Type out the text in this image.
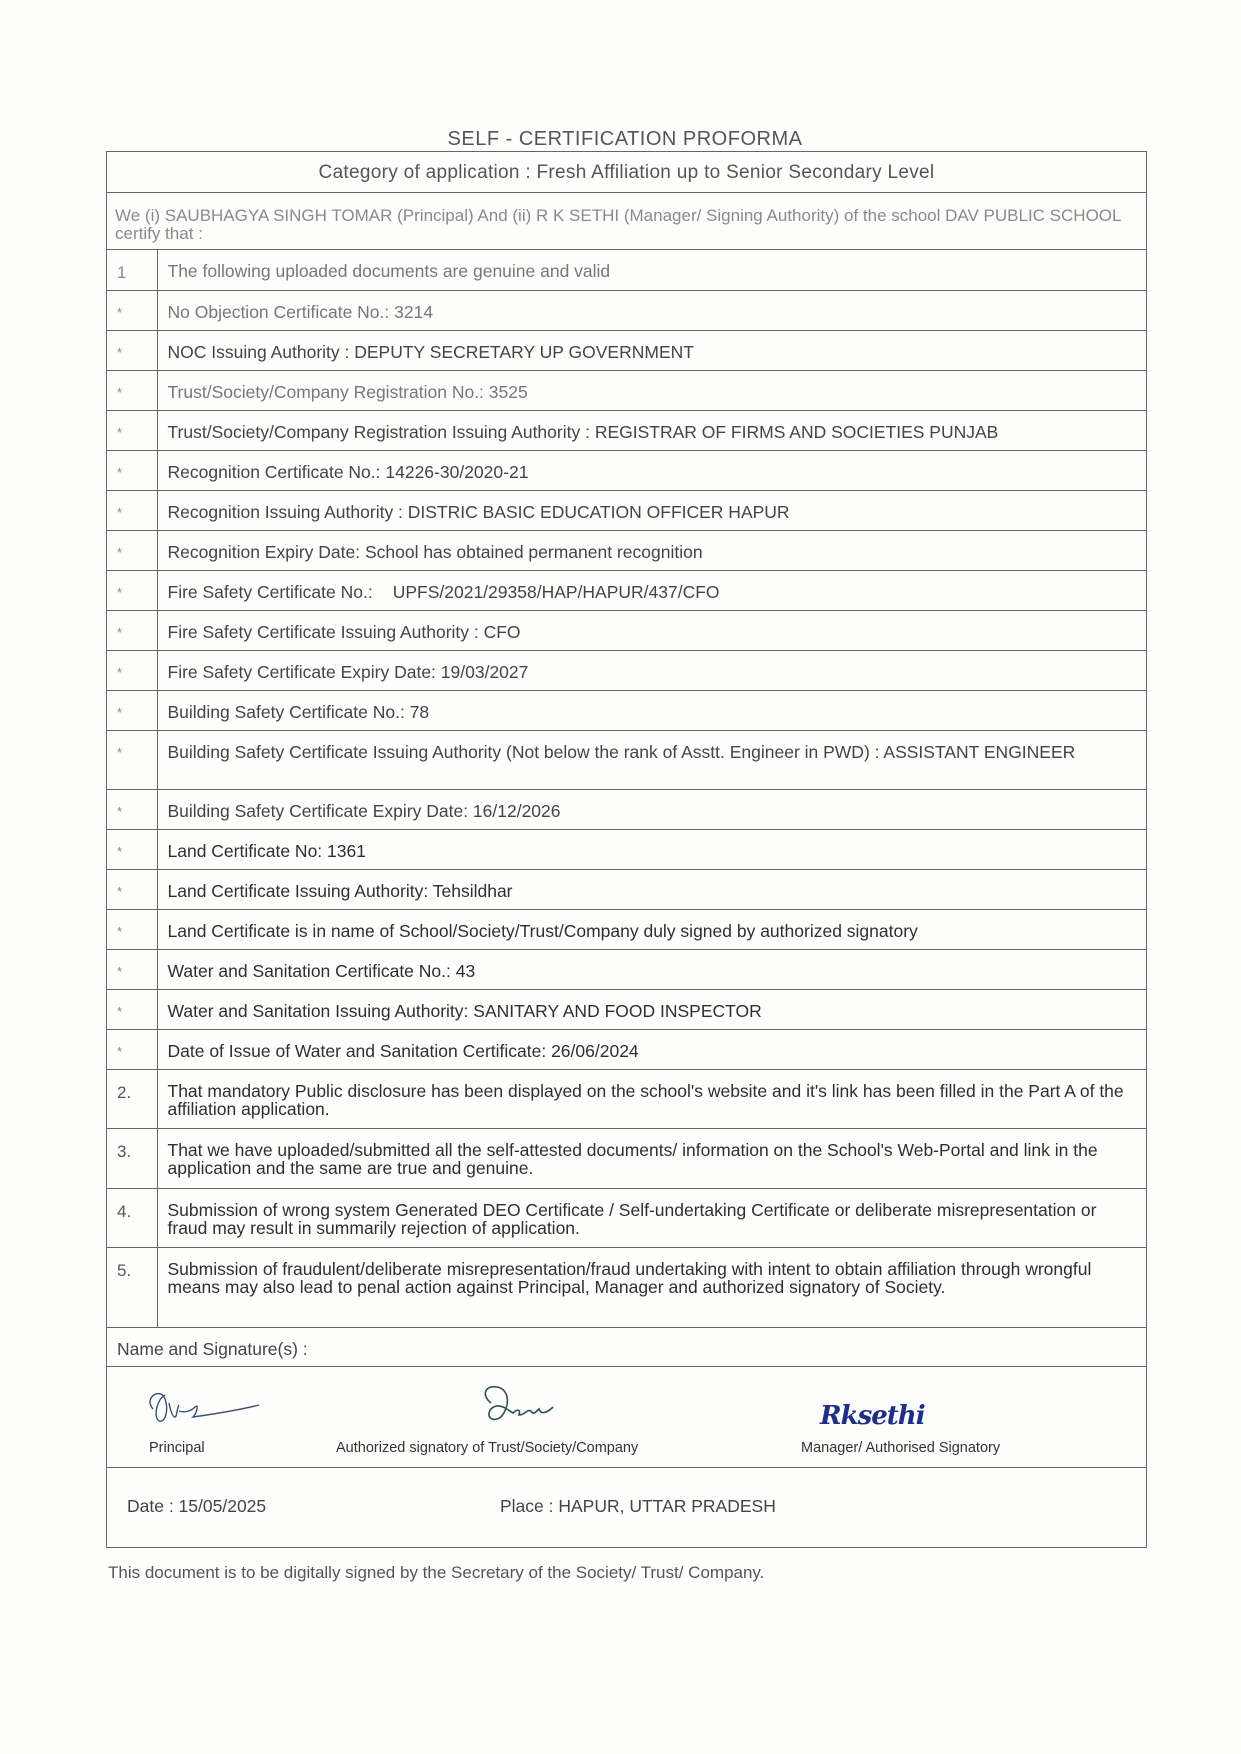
SELF - CERTIFICATION PROFORMA
Category of application : Fresh Affiliation up to Senior Secondary Level
We (i) SAUBHAGYA SINGH TOMAR (Principal) And (ii) R K SETHI (Manager/ Signing Authority) of the school DAV PUBLIC SCHOOL certify that :
1	The following uploaded documents are genuine and valid
*	No Objection Certificate No.: 3214
*	NOC Issuing Authority : DEPUTY SECRETARY UP GOVERNMENT
*	Trust/Society/Company Registration No.: 3525
*	Trust/Society/Company Registration Issuing Authority : REGISTRAR OF FIRMS AND SOCIETIES PUNJAB
*	Recognition Certificate No.: 14226-30/2020-21
*	Recognition Issuing Authority : DISTRIC BASIC EDUCATION OFFICER HAPUR
*	Recognition Expiry Date: School has obtained permanent recognition
*	Fire Safety Certificate No.: UPFS/2021/29358/HAP/HAPUR/437/CFO
*	Fire Safety Certificate Issuing Authority : CFO
*	Fire Safety Certificate Expiry Date: 19/03/2027
*	Building Safety Certificate No.: 78
*	Building Safety Certificate Issuing Authority (Not below the rank of Asstt. Engineer in PWD) : ASSISTANT ENGINEER
*	Building Safety Certificate Expiry Date: 16/12/2026
*	Land Certificate No: 1361
*	Land Certificate Issuing Authority: Tehsildhar
*	Land Certificate is in name of School/Society/Trust/Company duly signed by authorized signatory
*	Water and Sanitation Certificate No.: 43
*	Water and Sanitation Issuing Authority: SANITARY AND FOOD INSPECTOR
*	Date of Issue of Water and Sanitation Certificate: 26/06/2024
2.	That mandatory Public disclosure has been displayed on the school's website and it's link has been filled in the Part A of the affiliation application.
3.	That we have uploaded/submitted all the self-attested documents/ information on the School's Web-Portal and link in the application and the same are true and genuine.
4.	Submission of wrong system Generated DEO Certificate / Self-undertaking Certificate or deliberate misrepresentation or fraud may result in summarily rejection of application.
5.	Submission of fraudulent/deliberate misrepresentation/fraud undertaking with intent to obtain affiliation through wrongful means may also lead to penal action against Principal, Manager and authorized signatory of Society.
Name and Signature(s) :
Principal	Authorized signatory of Trust/Society/Company
Rksethi
Manager/ Authorised Signatory
Date : 15/05/2025	Place : HAPUR, UTTAR PRADESH
This document is to be digitally signed by the Secretary of the Society/ Trust/ Company.
